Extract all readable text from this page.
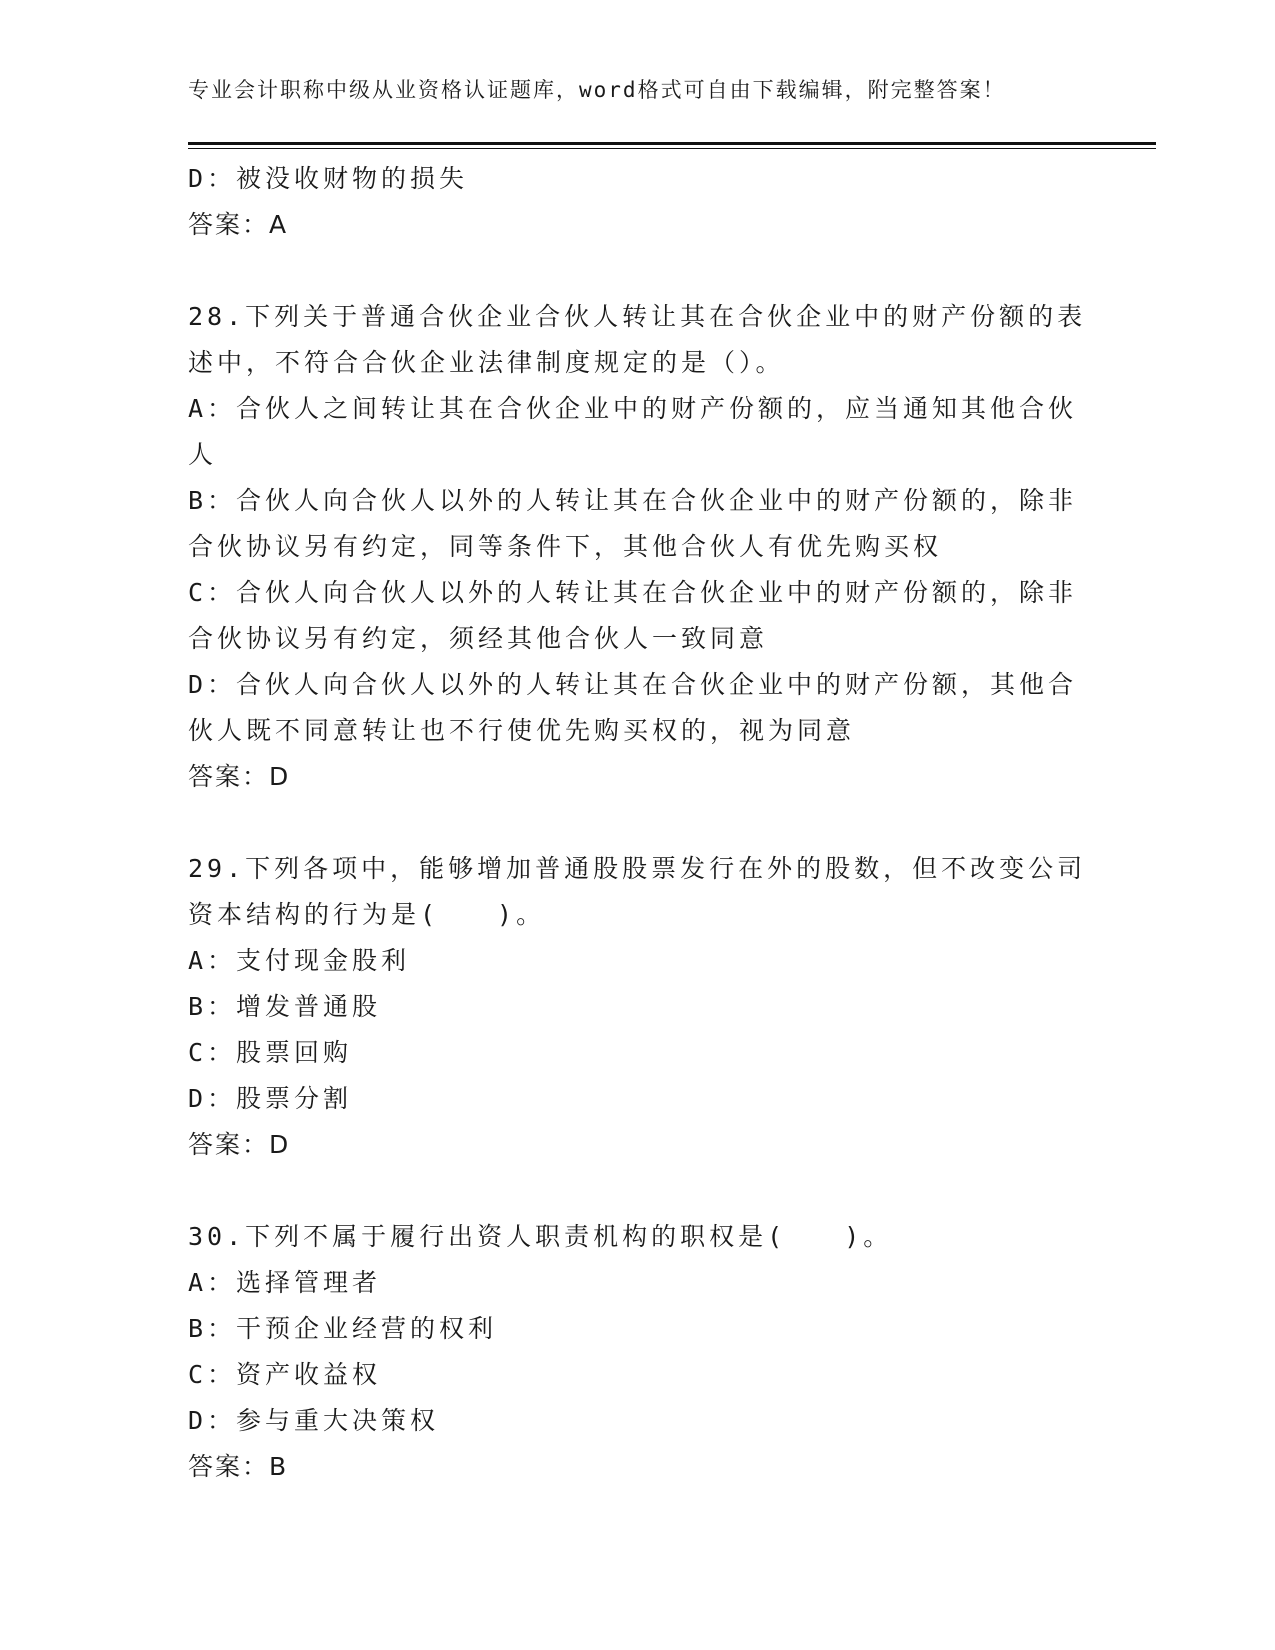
专业会计职称中级从业资格认证题库，word格式可自由下载编辑，附完整答案！
D：被没收财物的损失
答案：A
28.下列关于普通合伙企业合伙人转让其在合伙企业中的财产份额的表
述中，不符合合伙企业法律制度规定的是（）。
A：合伙人之间转让其在合伙企业中的财产份额的，应当通知其他合伙
人
B：合伙人向合伙人以外的人转让其在合伙企业中的财产份额的，除非
合伙协议另有约定，同等条件下，其他合伙人有优先购买权
C：合伙人向合伙人以外的人转让其在合伙企业中的财产份额的，除非
合伙协议另有约定，须经其他合伙人一致同意
D：合伙人向合伙人以外的人转让其在合伙企业中的财产份额，其他合
伙人既不同意转让也不行使优先购买权的，视为同意
答案：D
29.下列各项中，能够增加普通股股票发行在外的股数，但不改变公司
资本结构的行为是(　　)。
A：支付现金股利
B：增发普通股
C：股票回购
D：股票分割
答案：D
30.下列不属于履行出资人职责机构的职权是(　　)。
A：选择管理者
B：干预企业经营的权利
C：资产收益权
D：参与重大决策权
答案：B
